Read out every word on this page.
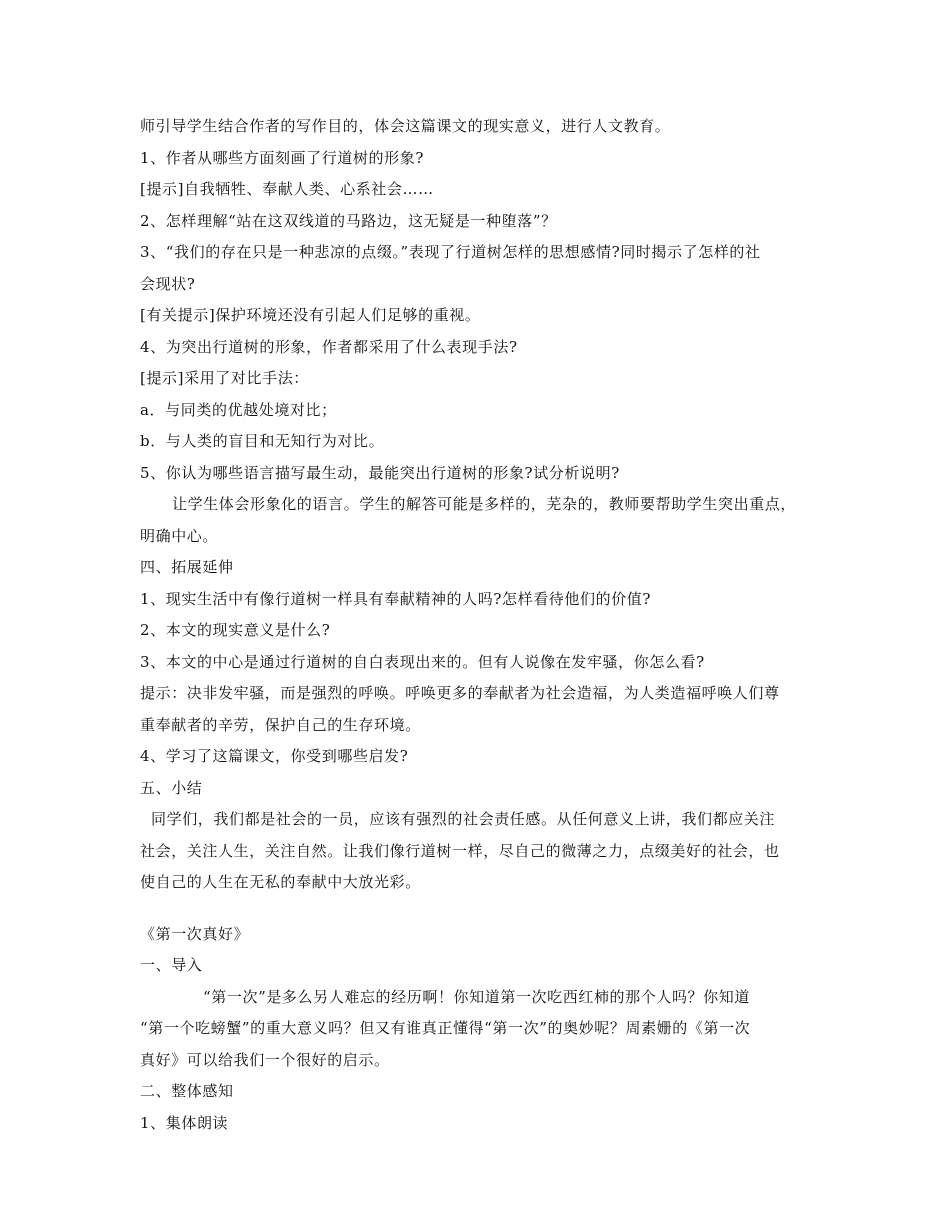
师引导学生结合作者的写作目的，体会这篇课文的现实意义，进行人文教育。
1、作者从哪些方面刻画了行道树的形象?
[提示]自我牺牲、奉献人类、心系社会……
2、怎样理解“站在这双线道的马路边，这无疑是一种堕落”？
3、“我们的存在只是一种悲凉的点缀。”表现了行道树怎样的思想感情?同时揭示了怎样的社
会现状?
[有关提示]保护环境还没有引起人们足够的重视。
4、为突出行道树的形象，作者都采用了什么表现手法?
[提示]采用了对比手法：
a．与同类的优越处境对比；
b．与人类的盲目和无知行为对比。
5、你认为哪些语言描写最生动，最能突出行道树的形象?试分析说明?
让学生体会形象化的语言。学生的解答可能是多样的，芜杂的，教师要帮助学生突出重点，
明确中心。
四、拓展延伸
1、现实生活中有像行道树一样具有奉献精神的人吗?怎样看待他们的价值?
2、本文的现实意义是什么?
3、本文的中心是通过行道树的自白表现出来的。但有人说像在发牢骚，你怎么看?
提示：决非发牢骚，而是强烈的呼唤。呼唤更多的奉献者为社会造福，为人类造福呼唤人们尊
重奉献者的辛劳，保护自己的生存环境。
4、学习了这篇课文，你受到哪些启发?
五、小结
同学们，我们都是社会的一员，应该有强烈的社会责任感。从任何意义上讲，我们都应关注
社会，关注人生，关注自然。让我们像行道树一样，尽自己的微薄之力，点缀美好的社会，也
使自己的人生在无私的奉献中大放光彩。
《第一次真好》
一、导入
“第一次”是多么另人难忘的经历啊！你知道第一次吃西红柿的那个人吗？你知道
“第一个吃螃蟹”的重大意义吗？但又有谁真正懂得“第一次”的奥妙呢？周素姗的《第一次
真好》可以给我们一个很好的启示。
二、整体感知
1、集体朗读
